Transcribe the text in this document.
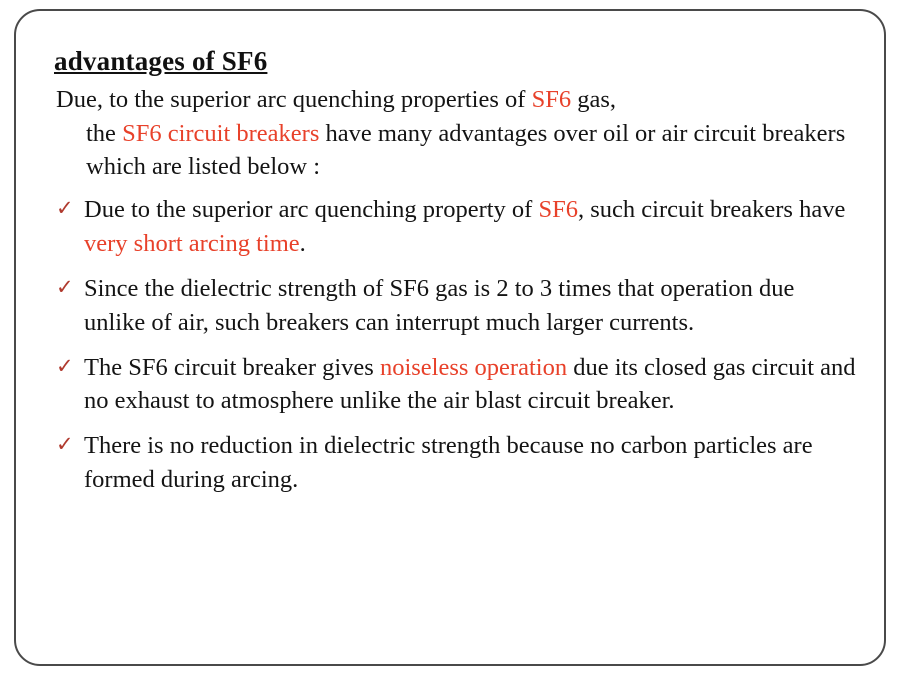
advantages of SF6

Due, to the superior arc quenching properties of SF6 gas,
the SF6 circuit breakers have many advantages over oil or air circuit breakers which are listed below :

✓ Due to the superior arc quenching property of SF6, such circuit breakers have very short arcing time.
✓ Since the dielectric strength of SF6 gas is 2 to 3 times that operation due unlike of air, such breakers can interrupt much larger currents.
✓ The SF6 circuit breaker gives noiseless operation due its closed gas circuit and no exhaust to atmosphere unlike the air blast circuit breaker.
✓ There is no reduction in dielectric strength because no carbon particles are formed during arcing.
